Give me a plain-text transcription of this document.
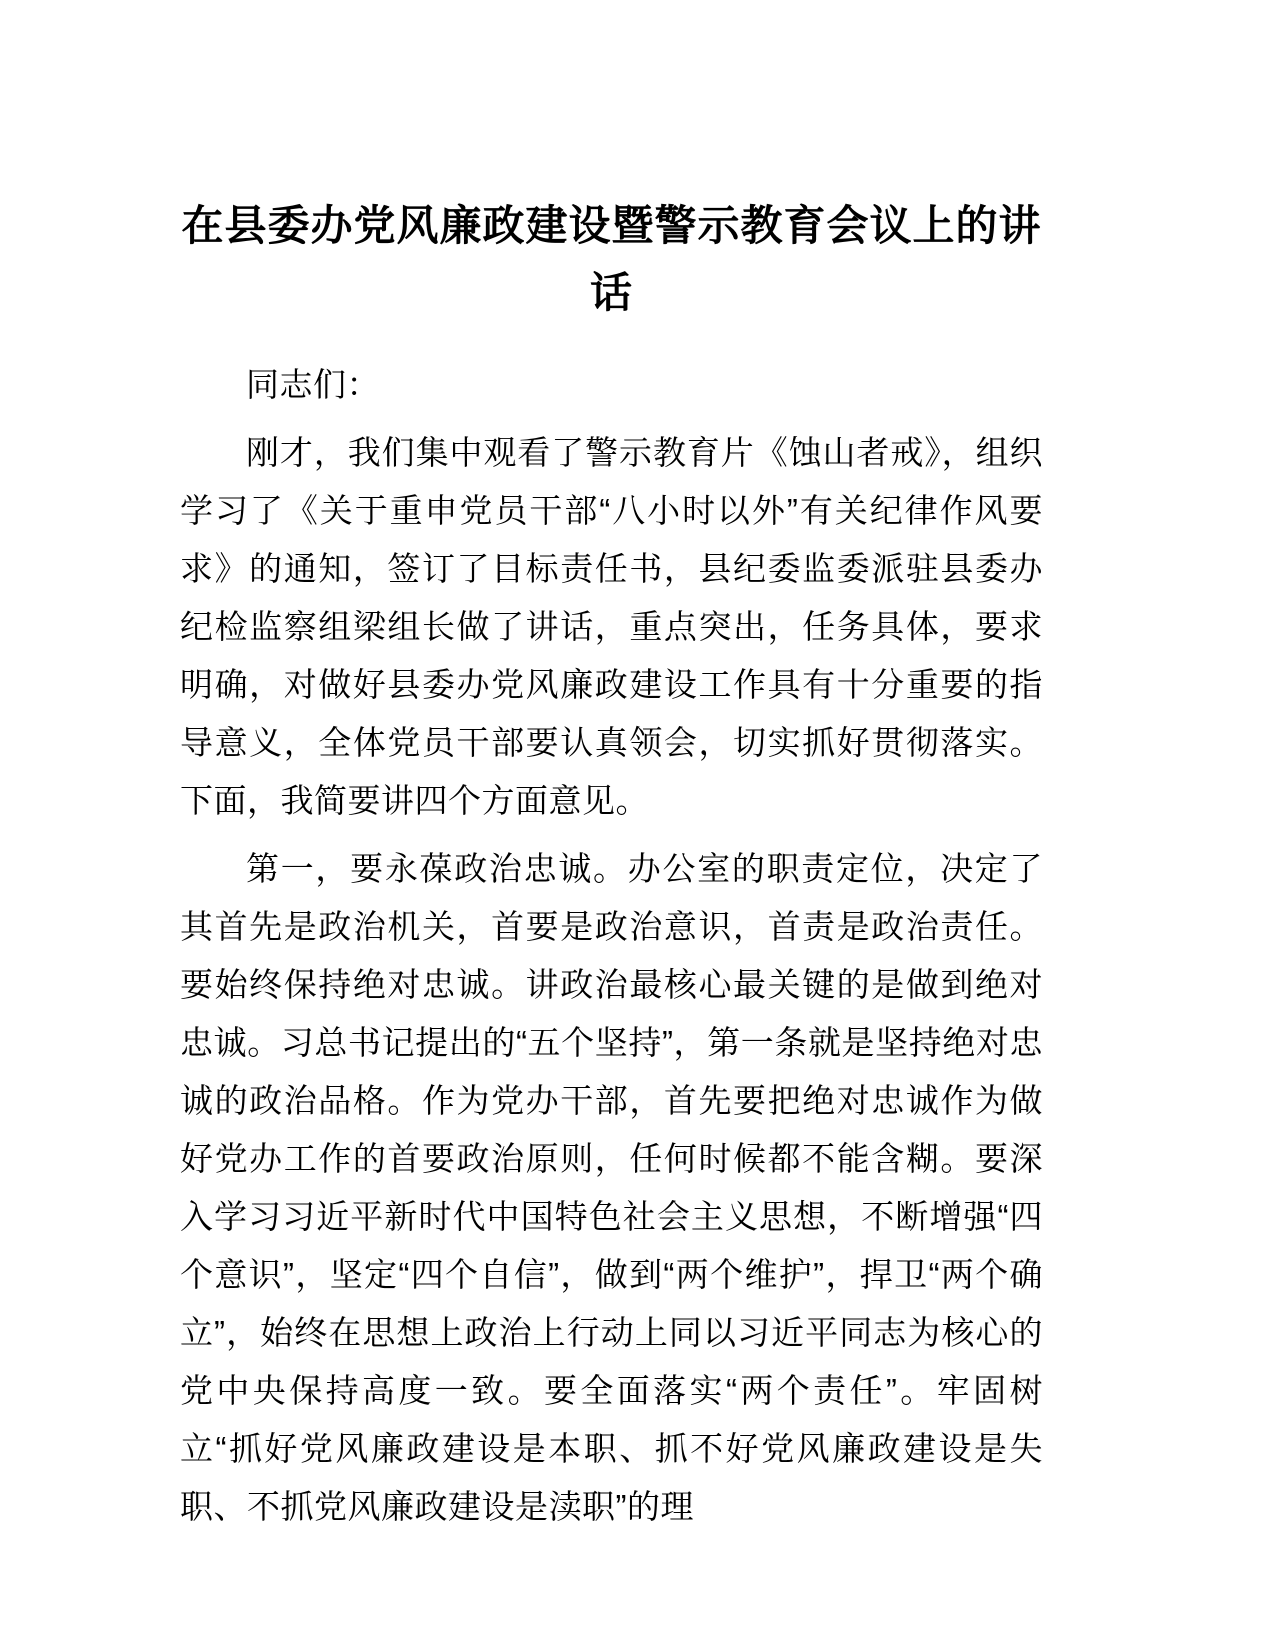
在县委办党风廉政建设暨警示教育会议上的讲话

同志们：

刚才，我们集中观看了警示教育片《蚀山者戒》，组织学习了《关于重申党员干部“八小时以外”有关纪律作风要求》的通知，签订了目标责任书，县纪委监委派驻县委办纪检监察组梁组长做了讲话，重点突出，任务具体，要求明确，对做好县委办党风廉政建设工作具有十分重要的指导意义，全体党员干部要认真领会，切实抓好贯彻落实。下面，我简要讲四个方面意见。

第一，要永葆政治忠诚。办公室的职责定位，决定了其首先是政治机关，首要是政治意识，首责是政治责任。要始终保持绝对忠诚。讲政治最核心最关键的是做到绝对忠诚。习总书记提出的“五个坚持”，第一条就是坚持绝对忠诚的政治品格。作为党办干部，首先要把绝对忠诚作为做好党办工作的首要政治原则，任何时候都不能含糊。要深入学习习近平新时代中国特色社会主义思想，不断增强“四个意识”，坚定“四个自信”，做到“两个维护”，捍卫“两个确立”，始终在思想上政治上行动上同以习近平同志为核心的党中央保持高度一致。要全面落实“两个责任”。牢固树立“抓好党风廉政建设是本职、抓不好党风廉政建设是失职、不抓党风廉政建设是渎职”的理
